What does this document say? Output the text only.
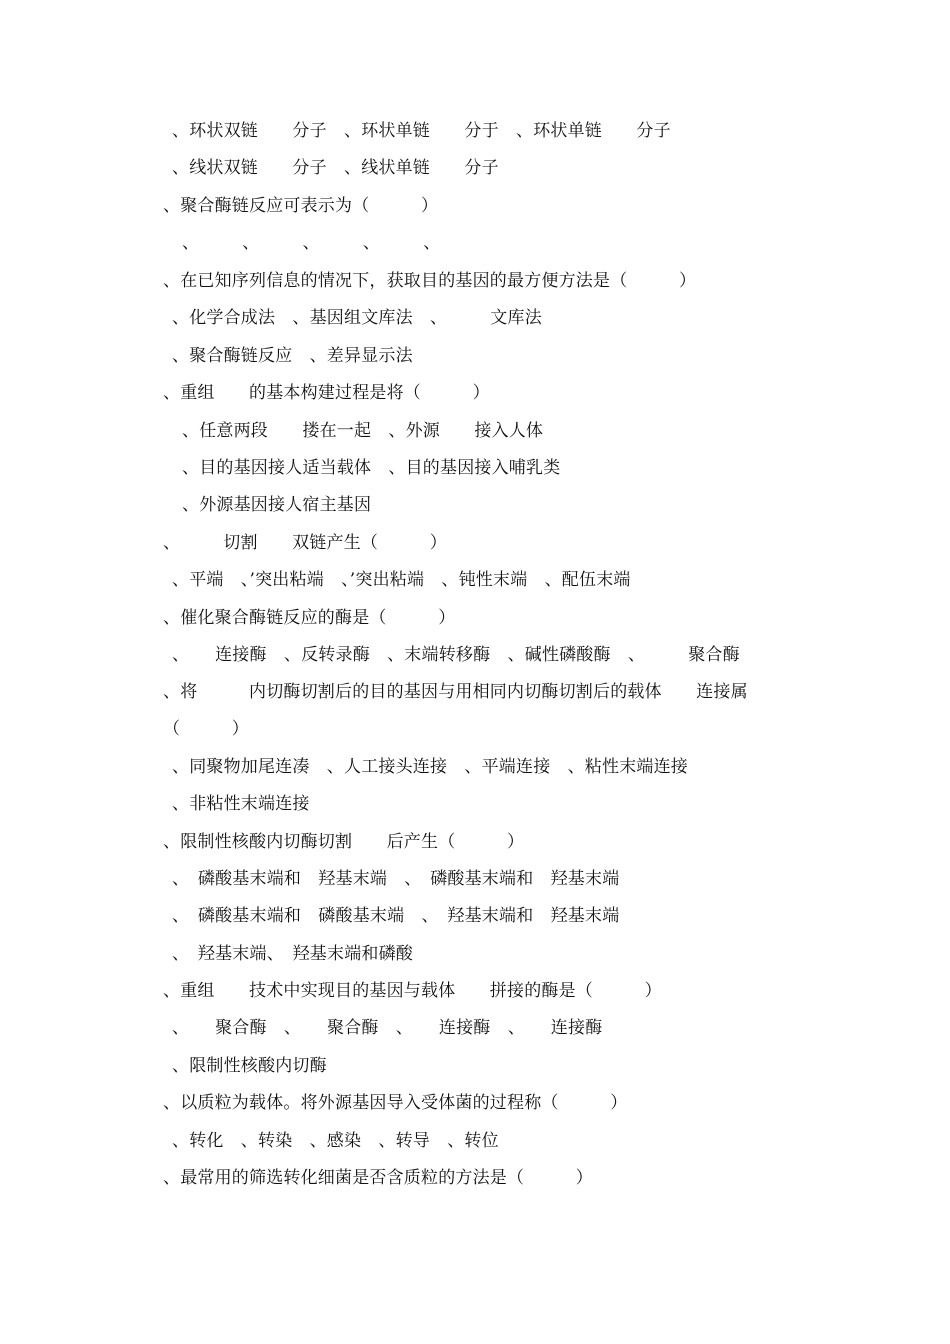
、环状双链　　分子　、环状单链　　分于　、环状单链　　分子
、线状双链　　分子　、线状单链　　分子
、聚合酶链反应可表示为（　　　）
、　　　、　　　、　　　、　　　、
、在已知序列信息的情况下，获取目的基因的最方便方法是（　　　）
、化学合成法　、基因组文库法　、　　　文库法
、聚合酶链反应　、差异显示法
、重组　　的基本构建过程是将（　　　）
、任意两段　　搂在一起　、外源　　接入人体
、目的基因接人适当载体　、目的基因接入哺乳类
、外源基因接人宿主基因
、　　　切割　　双链产生（　　　）
、平端　、’突出粘端　、’突出粘端　、钝性末端　、配伍末端
、催化聚合酶链反应的酶是（　　　）
、　　连接酶　、反转录酶　、末端转移酶　、碱性磷酸酶　、　　　聚合酶
、将　　　内切酶切割后的目的基因与用相同内切酶切割后的载体　　连接属
（　　　）
、同聚物加尾连凑　、人工接头连接　、平端连接　、粘性末端连接
、非粘性末端连接
、限制性核酸内切酶切割　　后产生（　　　）
、　磷酸基末端和　羟基末端　、　磷酸基末端和　羟基末端
、　磷酸基末端和　磷酸基末端　、　羟基末端和　羟基末端
、　羟基末端、　羟基末端和磷酸
、重组　　技术中实现目的基因与载体　　拼接的酶是（　　　）
、　　聚合酶　、　　聚合酶　、　　连接酶　、　　连接酶
、限制性核酸内切酶
、以质粒为载体。将外源基因导入受体菌的过程称（　　　）
、转化　、转染　、感染　、转导　、转位
、最常用的筛选转化细菌是否含质粒的方法是（　　　）
